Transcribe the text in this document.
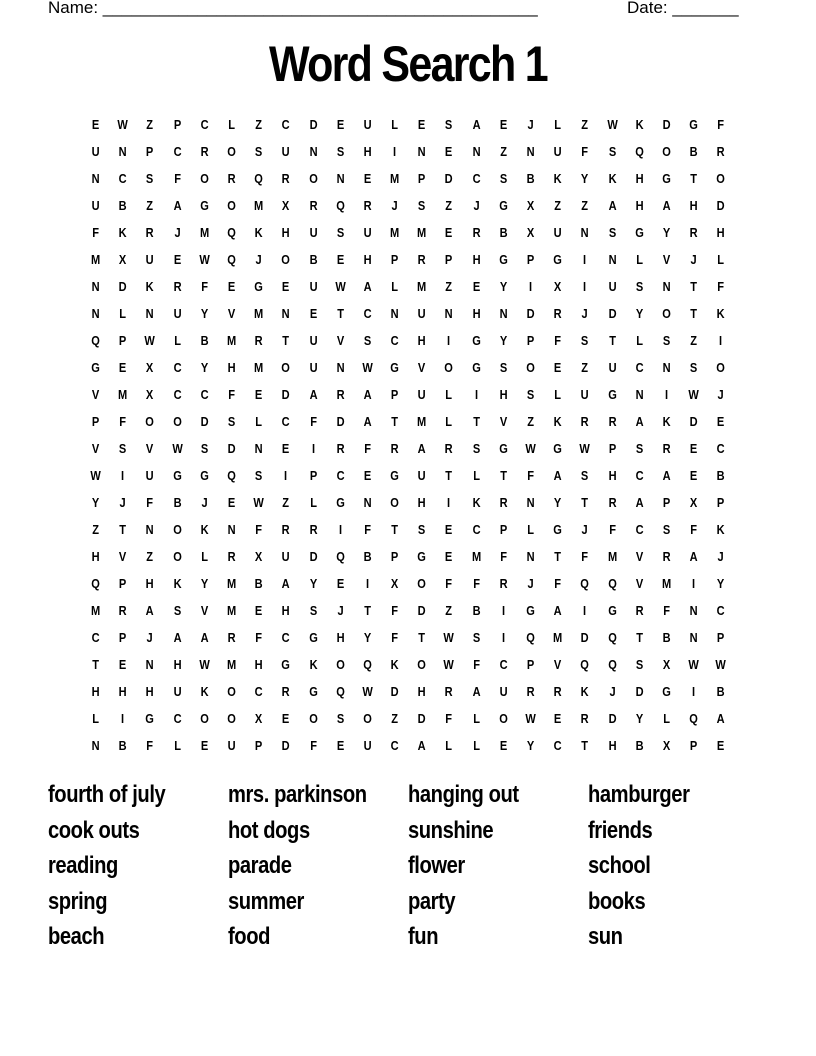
Name: ______________________________________________	Date: _______
Word Search 1
E	W	Z	P	C	L	Z	C	D	E	U	L	E	S	A	E	J	L	Z	W	K	D	G	F
U	N	P	C	R	O	S	U	N	S	H	I	N	E	N	Z	N	U	F	S	Q	O	B	R
N	C	S	F	O	R	Q	R	O	N	E	M	P	D	C	S	B	K	Y	K	H	G	T	O
U	B	Z	A	G	O	M	X	R	Q	R	J	S	Z	J	G	X	Z	Z	A	H	A	H	D
F	K	R	J	M	Q	K	H	U	S	U	M	M	E	R	B	X	U	N	S	G	Y	R	H
M	X	U	E	W	Q	J	O	B	E	H	P	R	P	H	G	P	G	I	N	L	V	J	L
N	D	K	R	F	E	G	E	U	W	A	L	M	Z	E	Y	I	X	I	U	S	N	T	F
N	L	N	U	Y	V	M	N	E	T	C	N	U	N	H	N	D	R	J	D	Y	O	T	K
Q	P	W	L	B	M	R	T	U	V	S	C	H	I	G	Y	P	F	S	T	L	S	Z	I
G	E	X	C	Y	H	M	O	U	N	W	G	V	O	G	S	O	E	Z	U	C	N	S	O
V	M	X	C	C	F	E	D	A	R	A	P	U	L	I	H	S	L	U	G	N	I	W	J
P	F	O	O	D	S	L	C	F	D	A	T	M	L	T	V	Z	K	R	R	A	K	D	E
V	S	V	W	S	D	N	E	I	R	F	R	A	R	S	G	W	G	W	P	S	R	E	C
W	I	U	G	G	Q	S	I	P	C	E	G	U	T	L	T	F	A	S	H	C	A	E	B
Y	J	F	B	J	E	W	Z	L	G	N	O	H	I	K	R	N	Y	T	R	A	P	X	P
Z	T	N	O	K	N	F	R	R	I	F	T	S	E	C	P	L	G	J	F	C	S	F	K
H	V	Z	O	L	R	X	U	D	Q	B	P	G	E	M	F	N	T	F	M	V	R	A	J
Q	P	H	K	Y	M	B	A	Y	E	I	X	O	F	F	R	J	F	Q	Q	V	M	I	Y
M	R	A	S	V	M	E	H	S	J	T	F	D	Z	B	I	G	A	I	G	R	F	N	C
C	P	J	A	A	R	F	C	G	H	Y	F	T	W	S	I	Q	M	D	Q	T	B	N	P
T	E	N	H	W	M	H	G	K	O	Q	K	O	W	F	C	P	V	Q	Q	S	X	W	W
H	H	H	U	K	O	C	R	G	Q	W	D	H	R	A	U	R	R	K	J	D	G	I	B
L	I	G	C	O	O	X	E	O	S	O	Z	D	F	L	O	W	E	R	D	Y	L	Q	A
N	B	F	L	E	U	P	D	F	E	U	C	A	L	L	E	Y	C	T	H	B	X	P	E
fourth of july	mrs. parkinson	hanging out	hamburger
cook outs	hot dogs	sunshine	friends
reading	parade	flower	school
spring	summer	party	books
beach	food	fun	sun
